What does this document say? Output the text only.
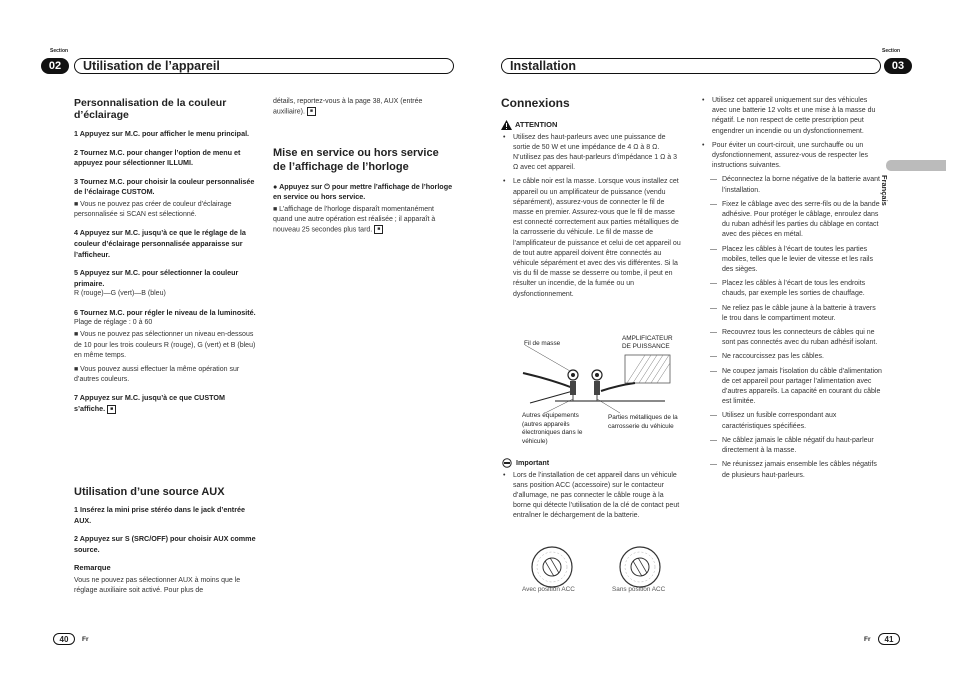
Section
02	Utilisation de l’appareil
Section
Installation	03
Français
Personnalisation de la couleur d’éclairage
1 Appuyez sur M.C. pour afficher le menu principal.
2 Tournez M.C. pour changer l’option de menu et appuyez pour sélectionner ILLUMI.
3 Tournez M.C. pour choisir la couleur personnalisée de l’éclairage CUSTOM.
■ Vous ne pouvez pas créer de couleur d’éclairage personnalisée si SCAN est sélectionné.
4 Appuyez sur M.C. jusqu’à ce que le réglage de la couleur d’éclairage personnalisée apparaisse sur l’afficheur.
5 Appuyez sur M.C. pour sélectionner la couleur primaire.
R (rouge)—G (vert)—B (bleu)
6 Tournez M.C. pour régler le niveau de la luminosité.
Plage de réglage : 0 à 60
■ Vous ne pouvez pas sélectionner un niveau en-dessous de 10 pour les trois couleurs R (rouge), G (vert) et B (bleu) en même temps.
■ Vous pouvez aussi effectuer la même opération sur d’autres couleurs.
7 Appuyez sur M.C. jusqu’à ce que CUSTOM s’affiche. ■
Utilisation d’une source AUX
1 Insérez la mini prise stéréo dans le jack d’entrée AUX.
2 Appuyez sur S (SRC/OFF) pour choisir AUX comme source.
Remarque
Vous ne pouvez pas sélectionner AUX à moins que le réglage auxiliaire soit activé. Pour plus de
détails, reportez-vous à la page 38, AUX (entrée auxiliaire). ■
Mise en service ou hors service de l’affichage de l’horloge
● Appuyez sur ⏻ pour mettre l’affichage de l’horloge en service ou hors service.
■ L’affichage de l’horloge disparaît momentanément quand une autre opération est réalisée ; il apparaît à nouveau 25 secondes plus tard. ■
Connexions
ATTENTION
• Utilisez des haut-parleurs avec une puissance de sortie de 50 W et une impédance de 4 Ω à 8 Ω. N’utilisez pas des haut-parleurs d’impédance 1 Ω à 3 Ω avec cet appareil.
• Le câble noir est la masse. Lorsque vous installez cet appareil ou un amplificateur de puissance (vendu séparément), assurez-vous de connecter le fil de masse en premier. Assurez-vous que le fil de masse est connecté correctement aux parties métalliques de la carrosserie du véhicule. Le fil de masse de l’amplificateur de puissance et celui de cet appareil ou de tout autre appareil doivent être connectés au véhicule séparément et avec des vis différentes. Si la vis du fil de masse se desserre ou tombe, il peut en résulter un incendie, de la fumée ou un dysfonctionnement.
Fil de masse
AMPLIFICATEUR
DE PUISSANCE
Autres équipements (autres appareils électroniques dans le véhicule)
Parties métalliques de la carrosserie du véhicule
Important
• Lors de l’installation de cet appareil dans un véhicule sans position ACC (accessoire) sur le contacteur d’allumage, ne pas connecter le câble rouge à la borne qui détecte l’utilisation de la clé de contact peut entraîner le déchargement de la batterie.
Avec position ACC	Sans position ACC
• Utilisez cet appareil uniquement sur des véhicules avec une batterie 12 volts et une mise à la masse du négatif. Le non respect de cette prescription peut engendrer un incendie ou un dysfonctionnement.
• Pour éviter un court-circuit, une surchauffe ou un dysfonctionnement, assurez-vous de respecter les instructions suivantes.
— Déconnectez la borne négative de la batterie avant l’installation.
— Fixez le câblage avec des serre-fils ou de la bande adhésive. Pour protéger le câblage, enroulez dans du ruban adhésif les parties du câblage en contact avec des pièces en métal.
— Placez les câbles à l’écart de toutes les parties mobiles, telles que le levier de vitesse et les rails des sièges.
— Placez les câbles à l’écart de tous les endroits chauds, par exemple les sorties de chauffage.
— Ne reliez pas le câble jaune à la batterie à travers le trou dans le compartiment moteur.
— Recouvrez tous les connecteurs de câbles qui ne sont pas connectés avec du ruban adhésif isolant.
— Ne raccourcissez pas les câbles.
— Ne coupez jamais l’isolation du câble d’alimentation de cet appareil pour partager l’alimentation avec d’autres appareils. La capacité en courant du câble est limitée.
— Utilisez un fusible correspondant aux caractéristiques spécifiées.
— Ne câblez jamais le câble négatif du haut-parleur directement à la masse.
— Ne réunissez jamais ensemble les câbles négatifs de plusieurs haut-parleurs.
40	Fr	Fr	41
